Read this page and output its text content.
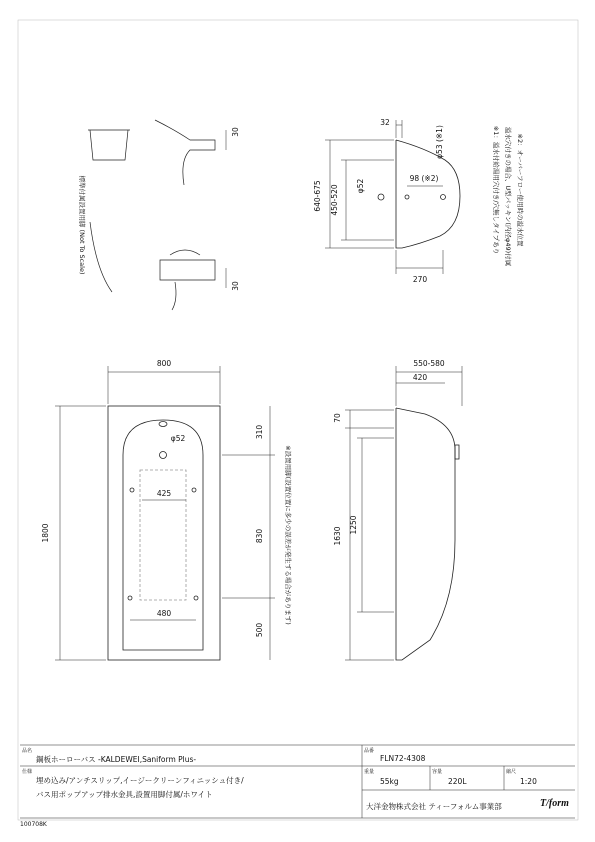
800
1800
φ52
425
480
310
830
500
※設置用脚(設置位置に多少の誤差が発生する場合があります)
550-580
420
70
1630
1250
32
φ53 (※1)
φ52
640-675 450-520
98 (※2)
270
標準付属設置用脚 (Not To Scale)
30
30
※1：溢水付給湯用穴付き/穴無しタイプあり 　　溢水穴付きの場合、U型パッキン(内径φ49)付属 ※2：オーバーフロー使用時の溢水位置
品名
鋼板ホーローバス -KALDEWEI,Saniform Plus-
品番
FLN72-4308
仕様
埋め込み/アンチスリップ,イージークリーンフィニッシュ付き/
バス用ポップアップ排水金具,設置用脚付属/ホワイト
重量
55kg
容量
220L
縮尺
1:20
大洋金物株式会社 ティーフォルム事業部	T/form
100708K
